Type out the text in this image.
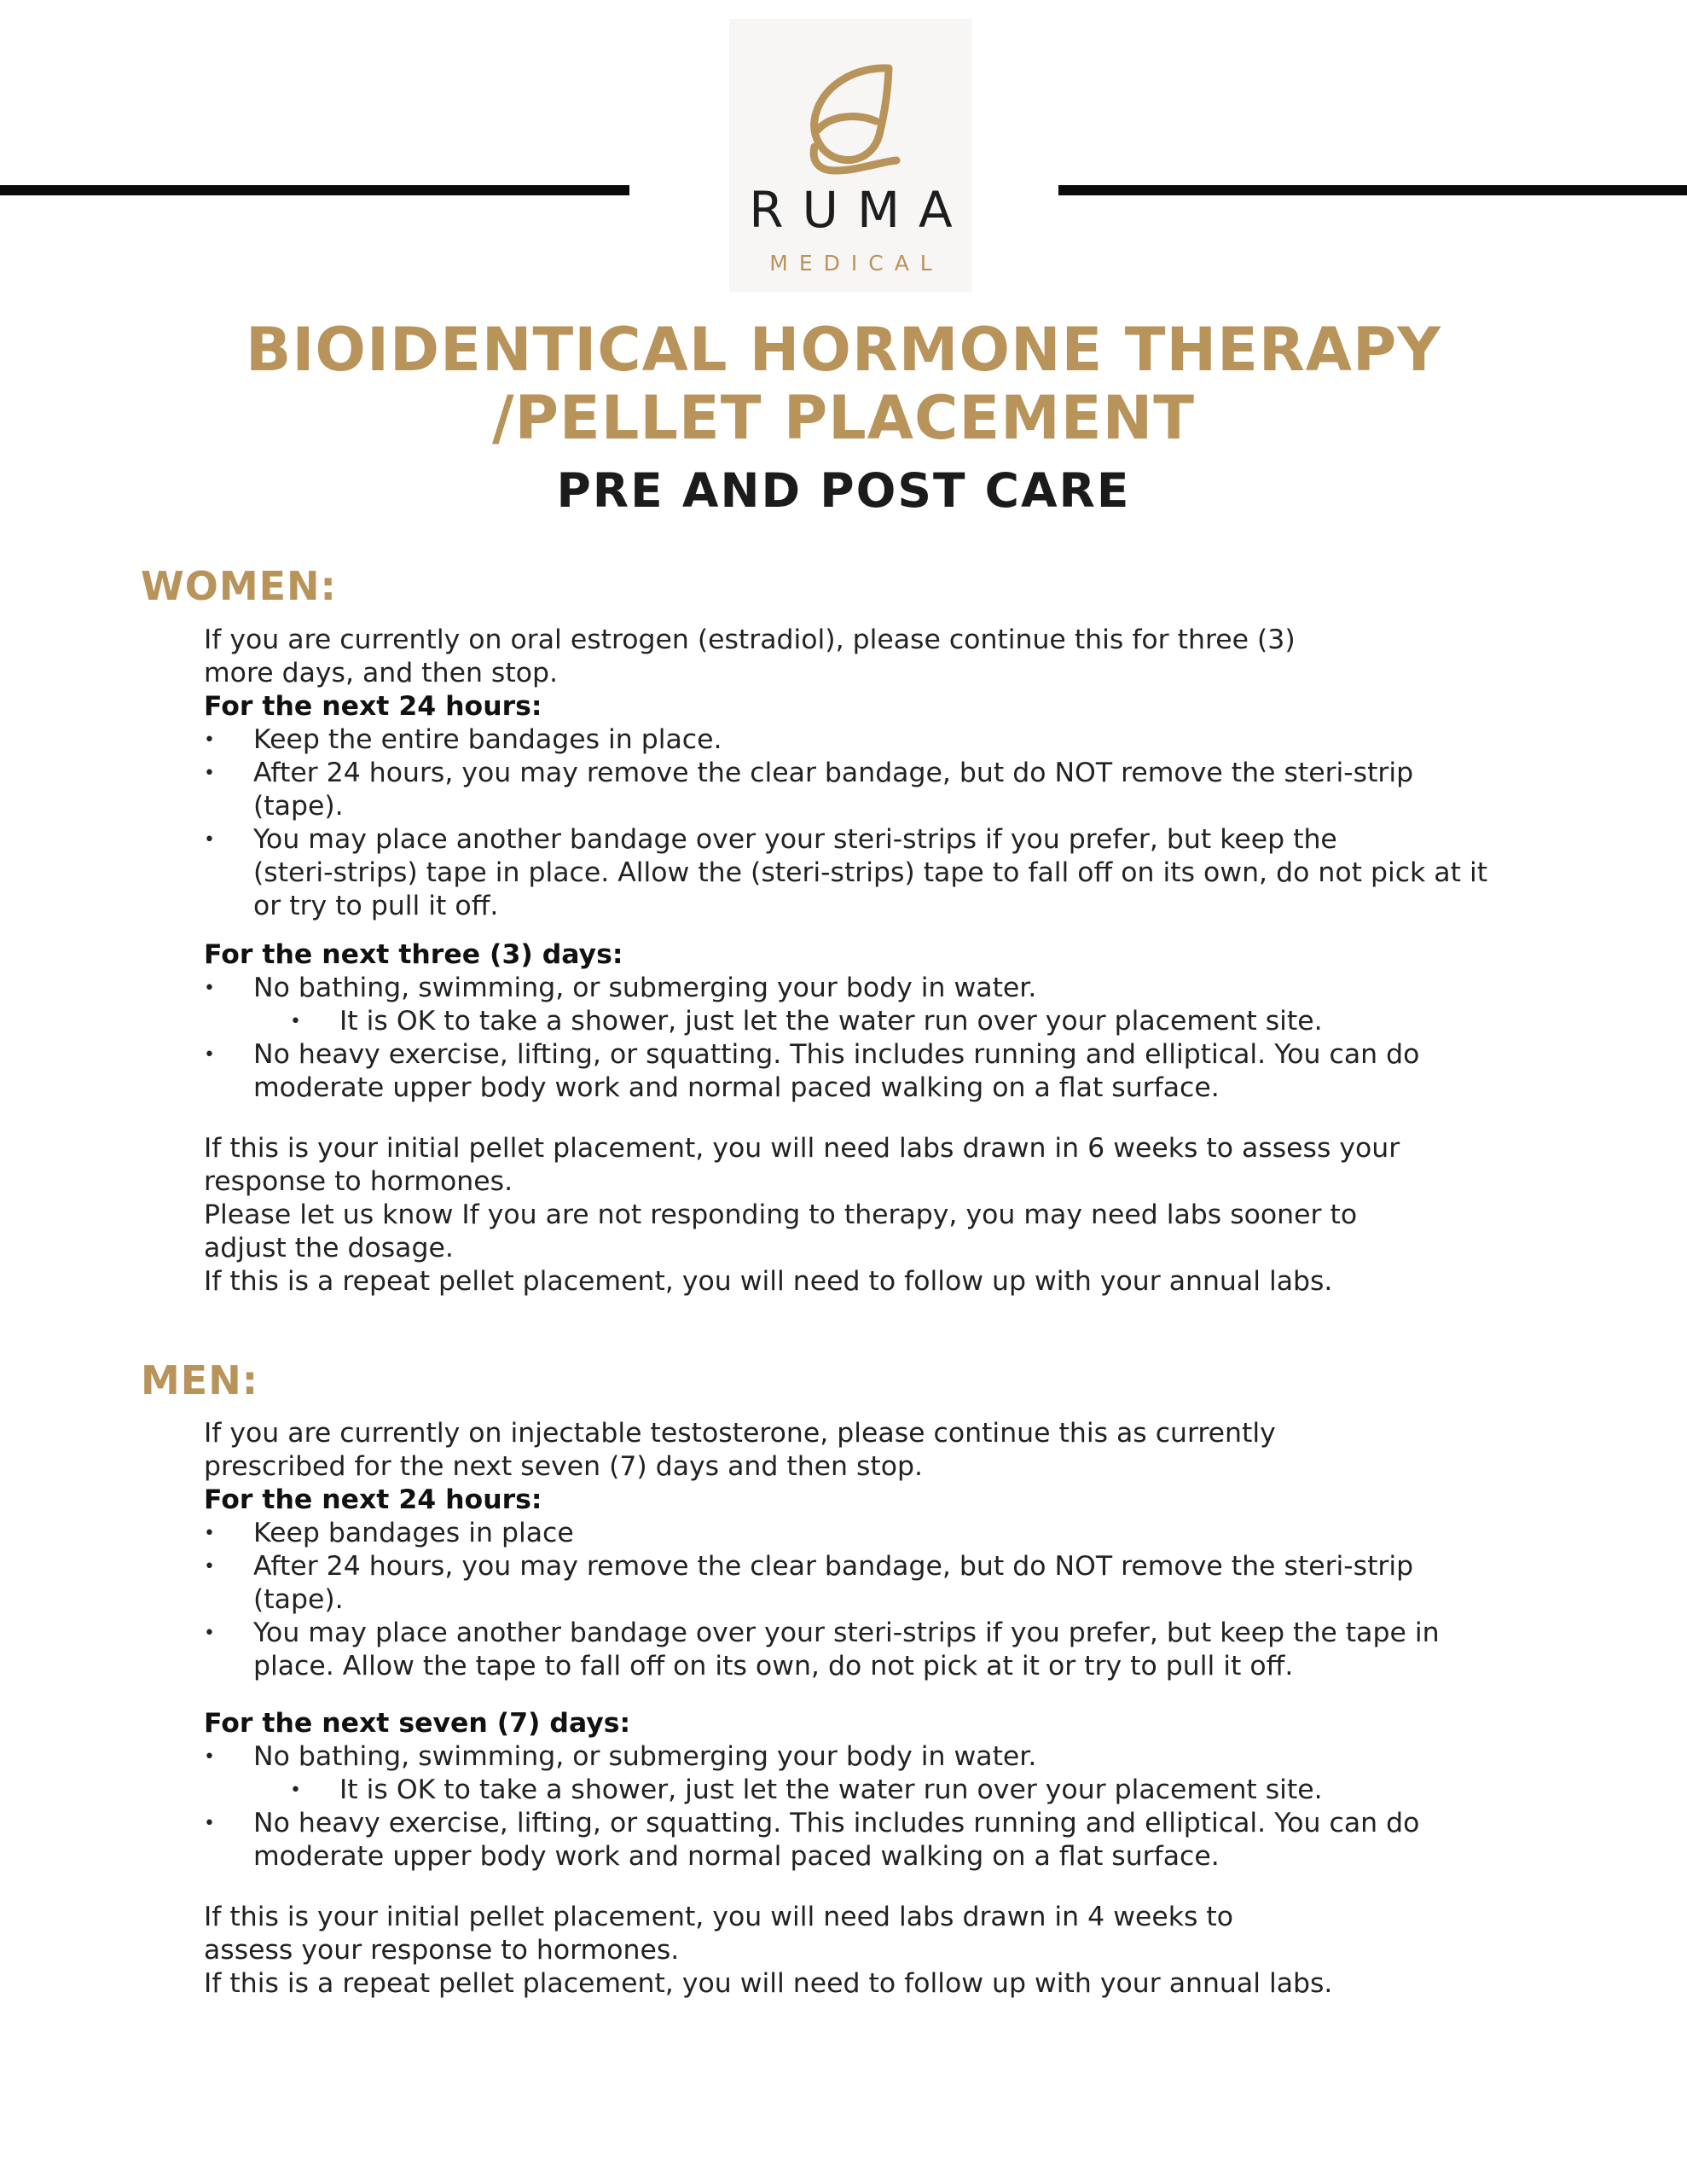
RUMA
MEDICAL
BIOIDENTICAL HORMONE THERAPY
/PELLET PLACEMENT
PRE AND POST CARE
WOMEN:

If you are currently on oral estrogen (estradiol), please continue this for three (3)

more days, and then stop.

For the next 24 hours:

• Keep the entire bandages in place.
• After 24 hours, you may remove the clear bandage, but do NOT remove the steri-strip
(tape).
• You may place another bandage over your steri-strips if you prefer, but keep the
(steri-strips) tape in place. Allow the (steri-strips) tape to fall off on its own, do not pick at it
or try to pull it off.

For the next three (3) days:

• No bathing, swimming, or submerging your body in water.
• It is OK to take a shower, just let the water run over your placement site.
• No heavy exercise, lifting, or squatting. This includes running and elliptical. You can do
moderate upper body work and normal paced walking on a flat surface.

If this is your initial pellet placement, you will need labs drawn in 6 weeks to assess your

response to hormones.

Please let us know If you are not responding to therapy, you may need labs sooner to

adjust the dosage.

If this is a repeat pellet placement, you will need to follow up with your annual labs.

MEN:

If you are currently on injectable testosterone, please continue this as currently

prescribed for the next seven (7) days and then stop.

For the next 24 hours:

• Keep bandages in place
• After 24 hours, you may remove the clear bandage, but do NOT remove the steri-strip
(tape).
• You may place another bandage over your steri-strips if you prefer, but keep the tape in
place. Allow the tape to fall off on its own, do not pick at it or try to pull it off.

For the next seven (7) days:

• No bathing, swimming, or submerging your body in water.
• It is OK to take a shower, just let the water run over your placement site.
• No heavy exercise, lifting, or squatting. This includes running and elliptical. You can do
moderate upper body work and normal paced walking on a flat surface.

If this is your initial pellet placement, you will need labs drawn in 4 weeks to

assess your response to hormones.

If this is a repeat pellet placement, you will need to follow up with your annual labs.
